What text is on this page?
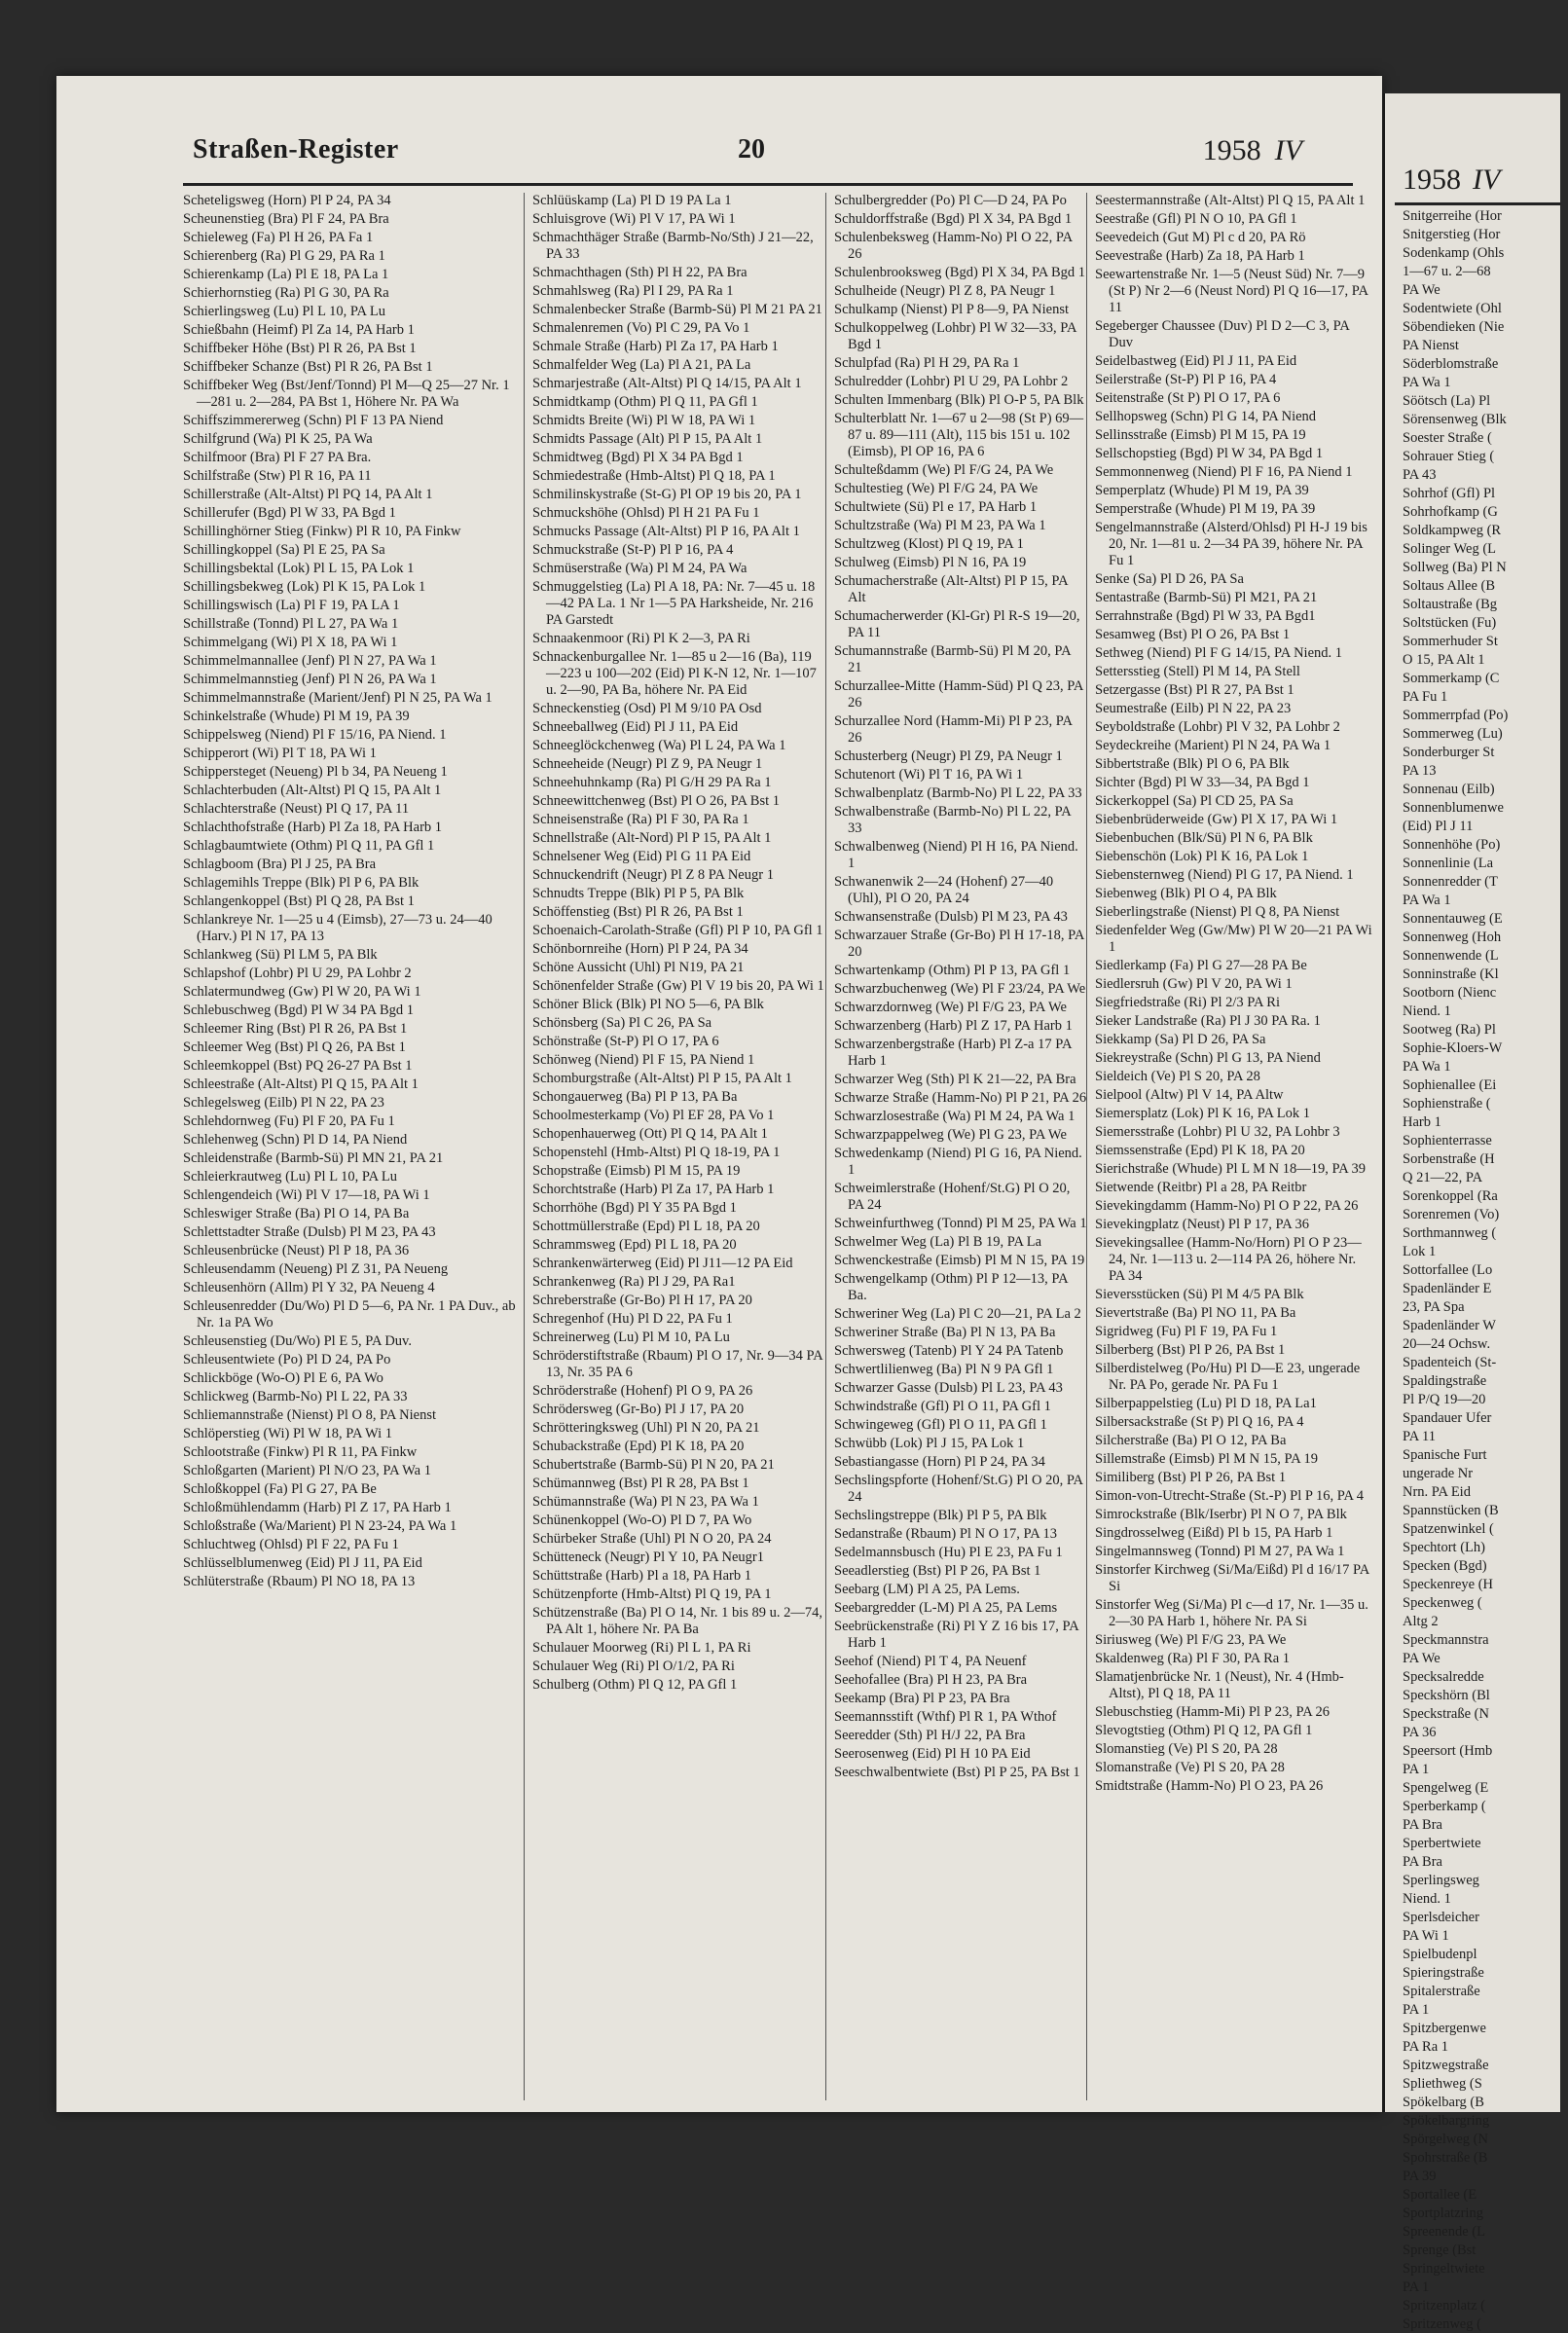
Straßen-Register	20	1958 IV
Scheteligsweg (Horn) Pl P 24, PA 34
Scheunenstieg (Bra) Pl F 24, PA Bra
Schieleweg (Fa) Pl H 26, PA Fa 1
Schierenberg (Ra) Pl G 29, PA Ra 1
Schierenkamp (La) Pl E 18, PA La 1
Schierhornstieg (Ra) Pl G 30, PA Ra
Schierlingsweg (Lu) Pl L 10, PA Lu
Schießbahn (Heimf) Pl Za 14, PA Harb 1
Schiffbeker Höhe (Bst) Pl R 26, PA Bst 1
Schiffbeker Schanze (Bst) Pl R 26, PA Bst 1
Schiffbeker Weg (Bst/Jenf/Tonnd) Pl M—Q 25—27 Nr. 1—281 u. 2—284, PA Bst 1, Höhere Nr. PA Wa
Schiffszimmererweg (Schn) Pl F 13 PA Niend
Schilfgrund (Wa) Pl K 25, PA Wa
Schilfmoor (Bra) Pl F 27 PA Bra.
Schilfstraße (Stw) Pl R 16, PA 11
Schillerstraße (Alt-Altst) Pl PQ 14, PA Alt 1
Schillerufer (Bgd) Pl W 33, PA Bgd 1
Schillinghörner Stieg (Finkw) Pl R 10, PA Finkw
Schillingkoppel (Sa) Pl E 25, PA Sa
Schillingsbektal (Lok) Pl L 15, PA Lok 1
Schillingsbekweg (Lok) Pl K 15, PA Lok 1
Schillingswisch (La) Pl F 19, PA LA 1
Schillstraße (Tonnd) Pl L 27, PA Wa 1
Schimmelgang (Wi) Pl X 18, PA Wi 1
Schimmelmannallee (Jenf) Pl N 27, PA Wa 1
Schimmelmannstieg (Jenf) Pl N 26, PA Wa 1
Schimmelmannstraße (Marient/Jenf) Pl N 25, PA Wa 1
Schinkelstraße (Whude) Pl M 19, PA 39
Schippelsweg (Niend) Pl F 15/16, PA Niend. 1
Schipperort (Wi) Pl T 18, PA Wi 1
Schippersteget (Neueng) Pl b 34, PA Neueng 1
Schlachterbuden (Alt-Altst) Pl Q 15, PA Alt 1
Schlachterstraße (Neust) Pl Q 17, PA 11
Schlachthofstraße (Harb) Pl Za 18, PA Harb 1
Schlagbaumtwiete (Othm) Pl Q 11, PA Gfl 1
Schlagboom (Bra) Pl J 25, PA Bra
Schlagemihls Treppe (Blk) Pl P 6, PA Blk
Schlangenkoppel (Bst) Pl Q 28, PA Bst 1
Schlankreye Nr. 1—25 u 4 (Eimsb), 27—73 u. 24—40 (Harv.) Pl N 17, PA 13
Schlankweg (Sü) Pl LM 5, PA Blk
Schlapshof (Lohbr) Pl U 29, PA Lohbr 2
Schlatermundweg (Gw) Pl W 20, PA Wi 1
Schlebuschweg (Bgd) Pl W 34 PA Bgd 1
Schleemer Ring (Bst) Pl R 26, PA Bst 1
Schleemer Weg (Bst) Pl Q 26, PA Bst 1
Schleemkoppel (Bst) PQ 26-27 PA Bst 1
Schleestraße (Alt-Altst) Pl Q 15, PA Alt 1
Schlegelsweg (Eilb) Pl N 22, PA 23
Schlehdornweg (Fu) Pl F 20, PA Fu 1
Schlehenweg (Schn) Pl D 14, PA Niend
Schleidenstraße (Barmb-Sü) Pl MN 21, PA 21
Schleierkrautweg (Lu) Pl L 10, PA Lu
Schlengendeich (Wi) Pl V 17—18, PA Wi 1
Schleswiger Straße (Ba) Pl O 14, PA Ba
Schlettstadter Straße (Dulsb) Pl M 23, PA 43
Schleusenbrücke (Neust) Pl P 18, PA 36
Schleusendamm (Neueng) Pl Z 31, PA Neueng
Schleusenhörn (Allm) Pl Y 32, PA Neueng 4
Schleusenredder (Du/Wo) Pl D 5—6, PA Nr. 1 PA Duv., ab Nr. 1a PA Wo
Schleusenstieg (Du/Wo) Pl E 5, PA Duv.
Schleusentwiete (Po) Pl D 24, PA Po
Schlickböge (Wo-O) Pl E 6, PA Wo
Schlickweg (Barmb-No) Pl L 22, PA 33
Schliemannstraße (Nienst) Pl O 8, PA Nienst
Schlöperstieg (Wi) Pl W 18, PA Wi 1
Schlootstraße (Finkw) Pl R 11, PA Finkw
Schloßgarten (Marient) Pl N/O 23, PA Wa 1
Schloßkoppel (Fa) Pl G 27, PA Be
Schloßmühlendamm (Harb) Pl Z 17, PA Harb 1
Schloßstraße (Wa/Marient) Pl N 23-24, PA Wa 1
Schluchtweg (Ohlsd) Pl F 22, PA Fu 1
Schlüsselblumenweg (Eid) Pl J 11, PA Eid
Schlüterstraße (Rbaum) Pl NO 18, PA 13
Schlüüskamp (La) Pl D 19 PA La 1
Schluisgrove (Wi) Pl V 17, PA Wi 1
Schmachthäger Straße (Barmb-No/Sth) J 21—22, PA 33
Schmachthagen (Sth) Pl H 22, PA Bra
Schmahlsweg (Ra) Pl I 29, PA Ra 1
Schmalenbecker Straße (Barmb-Sü) Pl M 21 PA 21
Schmalenremen (Vo) Pl C 29, PA Vo 1
Schmale Straße (Harb) Pl Za 17, PA Harb 1
Schmalfelder Weg (La) Pl A 21, PA La
Schmarjestraße (Alt-Altst) Pl Q 14/15, PA Alt 1
Schmidtkamp (Othm) Pl Q 11, PA Gfl 1
Schmidts Breite (Wi) Pl W 18, PA Wi 1
Schmidts Passage (Alt) Pl P 15, PA Alt 1
Schmidtweg (Bgd) Pl X 34 PA Bgd 1
Schmiedestraße (Hmb-Altst) Pl Q 18, PA 1
Schmilinskystraße (St-G) Pl OP 19 bis 20, PA 1
Schmuckshöhe (Ohlsd) Pl H 21 PA Fu 1
Schmucks Passage (Alt-Altst) Pl P 16, PA Alt 1
Schmuckstraße (St-P) Pl P 16, PA 4
Schmüserstraße (Wa) Pl M 24, PA Wa
Schmuggelstieg (La) Pl A 18, PA: Nr. 7—45 u. 18—42 PA La. 1 Nr 1—5 PA Harksheide, Nr. 216 PA Garstedt
Schnaakenmoor (Ri) Pl K 2—3, PA Ri
Schnackenburgallee Nr. 1—85 u 2—16 (Ba), 119—223 u 100—202 (Eid) Pl K-N 12, Nr. 1—107 u. 2—90, PA Ba, höhere Nr. PA Eid
Schneckenstieg (Osd) Pl M 9/10 PA Osd
Schneeballweg (Eid) Pl J 11, PA Eid
Schneeglöckchenweg (Wa) Pl L 24, PA Wa 1
Schneeheide (Neugr) Pl Z 9, PA Neugr 1
Schneehuhnkamp (Ra) Pl G/H 29 PA Ra 1
Schneewittchenweg (Bst) Pl O 26, PA Bst 1
Schneisenstraße (Ra) Pl F 30, PA Ra 1
Schnellstraße (Alt-Nord) Pl P 15, PA Alt 1
Schnelsener Weg (Eid) Pl G 11 PA Eid
Schnuckendrift (Neugr) Pl Z 8 PA Neugr 1
Schnudts Treppe (Blk) Pl P 5, PA Blk
Schöffenstieg (Bst) Pl R 26, PA Bst 1
Schoenaich-Carolath-Straße (Gfl) Pl P 10, PA Gfl 1
Schönbornreihe (Horn) Pl P 24, PA 34
Schöne Aussicht (Uhl) Pl N19, PA 21
Schönenfelder Straße (Gw) Pl V 19 bis 20, PA Wi 1
Schöner Blick (Blk) Pl NO 5—6, PA Blk
Schönsberg (Sa) Pl C 26, PA Sa
Schönstraße (St-P) Pl O 17, PA 6
Schönweg (Niend) Pl F 15, PA Niend 1
Schomburgstraße (Alt-Altst) Pl P 15, PA Alt 1
Schongauerweg (Ba) Pl P 13, PA Ba
Schoolmesterkamp (Vo) Pl EF 28, PA Vo 1
Schopenhauerweg (Ott) Pl Q 14, PA Alt 1
Schopenstehl (Hmb-Altst) Pl Q 18-19, PA 1
Schopstraße (Eimsb) Pl M 15, PA 19
Schorchtstraße (Harb) Pl Za 17, PA Harb 1
Schorrhöhe (Bgd) Pl Y 35 PA Bgd 1
Schottmüllerstraße (Epd) Pl L 18, PA 20
Schrammsweg (Epd) Pl L 18, PA 20
Schrankenwärterweg (Eid) Pl J11—12 PA Eid
Schrankenweg (Ra) Pl J 29, PA Ra1
Schreberstraße (Gr-Bo) Pl H 17, PA 20
Schregenhof (Hu) Pl D 22, PA Fu 1
Schreinerweg (Lu) Pl M 10, PA Lu
Schröderstiftstraße (Rbaum) Pl O 17, Nr. 9—34 PA 13, Nr. 35 PA 6
Schröderstraße (Hohenf) Pl O 9, PA 26
Schrödersweg (Gr-Bo) Pl J 17, PA 20
Schrötteringksweg (Uhl) Pl N 20, PA 21
Schubackstraße (Epd) Pl K 18, PA 20
Schubertstraße (Barmb-Sü) Pl N 20, PA 21
Schümannweg (Bst) Pl R 28, PA Bst 1
Schümannstraße (Wa) Pl N 23, PA Wa 1
Schünenkoppel (Wo-O) Pl D 7, PA Wo
Schürbeker Straße (Uhl) Pl N O 20, PA 24
Schütteneck (Neugr) Pl Y 10, PA Neugr1
Schüttstraße (Harb) Pl a 18, PA Harb 1
Schützenpforte (Hmb-Altst) Pl Q 19, PA 1
Schützenstraße (Ba) Pl O 14, Nr. 1 bis 89 u. 2—74, PA Alt 1, höhere Nr. PA Ba
Schulauer Moorweg (Ri) Pl L 1, PA Ri
Schulauer Weg (Ri) Pl O/1/2, PA Ri
Schulberg (Othm) Pl Q 12, PA Gfl 1
Schulbergredder (Po) Pl C—D 24, PA Po
Schuldorffstraße (Bgd) Pl X 34, PA Bgd 1
Schulenbeksweg (Hamm-No) Pl O 22, PA 26
Schulenbrooksweg (Bgd) Pl X 34, PA Bgd 1
Schulheide (Neugr) Pl Z 8, PA Neugr 1
Schulkamp (Nienst) Pl P 8—9, PA Nienst
Schulkoppelweg (Lohbr) Pl W 32—33, PA Bgd 1
Schulpfad (Ra) Pl H 29, PA Ra 1
Schulredder (Lohbr) Pl U 29, PA Lohbr 2
Schulten Immenbarg (Blk) Pl O-P 5, PA Blk
Schulterblatt Nr. 1—67 u 2—98 (St P) 69—87 u. 89—111 (Alt), 115 bis 151 u. 102 (Eimsb), Pl OP 16, PA 6
Schulteßdamm (We) Pl F/G 24, PA We
Schultestieg (We) Pl F/G 24, PA We
Schultwiete (Sü) Pl e 17, PA Harb 1
Schultzstraße (Wa) Pl M 23, PA Wa 1
Schultzweg (Klost) Pl Q 19, PA 1
Schulweg (Eimsb) Pl N 16, PA 19
Schumacherstraße (Alt-Altst) Pl P 15, PA Alt
Schumacherwerder (Kl-Gr) Pl R-S 19—20, PA 11
Schumannstraße (Barmb-Sü) Pl M 20, PA 21
Schurzallee-Mitte (Hamm-Süd) Pl Q 23, PA 26
Schurzallee Nord (Hamm-Mi) Pl P 23, PA 26
Schusterberg (Neugr) Pl Z9, PA Neugr 1
Schutenort (Wi) Pl T 16, PA Wi 1
Schwalbenplatz (Barmb-No) Pl L 22, PA 33
Schwalbenstraße (Barmb-No) Pl L 22, PA 33
Schwalbenweg (Niend) Pl H 16, PA Niend. 1
Schwanenwik 2—24 (Hohenf) 27—40 (Uhl), Pl O 20, PA 24
Schwansenstraße (Dulsb) Pl M 23, PA 43
Schwarzauer Straße (Gr-Bo) Pl H 17-18, PA 20
Schwartenkamp (Othm) Pl P 13, PA Gfl 1
Schwarzbuchenweg (We) Pl F 23/24, PA We
Schwarzdornweg (We) Pl F/G 23, PA We
Schwarzenberg (Harb) Pl Z 17, PA Harb 1
Schwarzenbergstraße (Harb) Pl Z-a 17 PA Harb 1
Schwarzer Weg (Sth) Pl K 21—22, PA Bra
Schwarze Straße (Hamm-No) Pl P 21, PA 26
Schwarzlosestraße (Wa) Pl M 24, PA Wa 1
Schwarzpappelweg (We) Pl G 23, PA We
Schwedenkamp (Niend) Pl G 16, PA Niend. 1
Schweimlerstraße (Hohenf/St.G) Pl O 20, PA 24
Schweinfurthweg (Tonnd) Pl M 25, PA Wa 1
Schwelmer Weg (La) Pl B 19, PA La
Schwenckestraße (Eimsb) Pl M N 15, PA 19
Schwengelkamp (Othm) Pl P 12—13, PA Ba.
Schweriner Weg (La) Pl C 20—21, PA La 2
Schweriner Straße (Ba) Pl N 13, PA Ba
Schwersweg (Tatenb) Pl Y 24 PA Tatenb
Schwertlilienweg (Ba) Pl N 9 PA Gfl 1
Schwarzer Gasse (Dulsb) Pl L 23, PA 43
Schwindstraße (Gfl) Pl O 11, PA Gfl 1
Schwingeweg (Gfl) Pl O 11, PA Gfl 1
Schwübb (Lok) Pl J 15, PA Lok 1
Sebastiangasse (Horn) Pl P 24, PA 34
Sechslingspforte (Hohenf/St.G) Pl O 20, PA 24
Sechslingstreppe (Blk) Pl P 5, PA Blk
Sedanstraße (Rbaum) Pl N O 17, PA 13
Sedelmannsbusch (Hu) Pl E 23, PA Fu 1
Seeadlerstieg (Bst) Pl P 26, PA Bst 1
Seebarg (LM) Pl A 25, PA Lems.
Seebargredder (L-M) Pl A 25, PA Lems
Seebrückenstraße (Ri) Pl Y Z 16 bis 17, PA Harb 1
Seehof (Niend) Pl T 4, PA Neuenf
Seehofallee (Bra) Pl H 23, PA Bra
Seekamp (Bra) Pl P 23, PA Bra
Seemannsstift (Wthf) Pl R 1, PA Wthof
Seeredder (Sth) Pl H/J 22, PA Bra
Seerosenweg (Eid) Pl H 10 PA Eid
Seeschwalbentwiete (Bst) Pl P 25, PA Bst 1
Seestermannstraße (Alt-Altst) Pl Q 15, PA Alt 1
Seestraße (Gfl) Pl N O 10, PA Gfl 1
Seevedeich (Gut M) Pl c d 20, PA Rö
Seevestraße (Harb) Za 18, PA Harb 1
Seewartenstraße Nr. 1—5 (Neust Süd) Nr. 7—9 (St P) Nr 2—6 (Neust Nord) Pl Q 16—17, PA 11
Segeberger Chaussee (Duv) Pl D 2—C 3, PA Duv
Seidelbastweg (Eid) Pl J 11, PA Eid
Seilerstraße (St-P) Pl P 16, PA 4
Seitenstraße (St P) Pl O 17, PA 6
Sellhopsweg (Schn) Pl G 14, PA Niend
Sellinsstraße (Eimsb) Pl M 15, PA 19
Sellschopstieg (Bgd) Pl W 34, PA Bgd 1
Semmonnenweg (Niend) Pl F 16, PA Niend 1
Semperplatz (Whude) Pl M 19, PA 39
Semperstraße (Whude) Pl M 19, PA 39
Sengelmannstraße (Alsterd/Ohlsd) Pl H-J 19 bis 20, Nr. 1—81 u. 2—34 PA 39, höhere Nr. PA Fu 1
Senke (Sa) Pl D 26, PA Sa
Sentastraße (Barmb-Sü) Pl M21, PA 21
Serrahnstraße (Bgd) Pl W 33, PA Bgd1
Sesamweg (Bst) Pl O 26, PA Bst 1
Sethweg (Niend) Pl F G 14/15, PA Niend. 1
Settersstieg (Stell) Pl M 14, PA Stell
Setzergasse (Bst) Pl R 27, PA Bst 1
Seumestraße (Eilb) Pl N 22, PA 23
Seyboldstraße (Lohbr) Pl V 32, PA Lohbr 2
Seydeckreihe (Marient) Pl N 24, PA Wa 1
Sibbertstraße (Blk) Pl O 6, PA Blk
Sichter (Bgd) Pl W 33—34, PA Bgd 1
Sickerkoppel (Sa) Pl CD 25, PA Sa
Siebenbrüderweide (Gw) Pl X 17, PA Wi 1
Siebenbuchen (Blk/Sü) Pl N 6, PA Blk
Siebenschön (Lok) Pl K 16, PA Lok 1
Siebensternweg (Niend) Pl G 17, PA Niend. 1
Siebenweg (Blk) Pl O 4, PA Blk
Sieberlingstraße (Nienst) Pl Q 8, PA Nienst
Siedenfelder Weg (Gw/Mw) Pl W 20—21 PA Wi 1
Siedlerkamp (Fa) Pl G 27—28 PA Be
Siedlersruh (Gw) Pl V 20, PA Wi 1
Siegfriedstraße (Ri) Pl 2/3 PA Ri
Sieker Landstraße (Ra) Pl J 30 PA Ra. 1
Siekkamp (Sa) Pl D 26, PA Sa
Siekreystraße (Schn) Pl G 13, PA Niend
Sieldeich (Ve) Pl S 20, PA 28
Sielpool (Altw) Pl V 14, PA Altw
Siemersplatz (Lok) Pl K 16, PA Lok 1
Siemersstraße (Lohbr) Pl U 32, PA Lohbr 3
Siemssenstraße (Epd) Pl K 18, PA 20
Sierichstraße (Whude) Pl L M N 18—19, PA 39
Sietwende (Reitbr) Pl a 28, PA Reitbr
Sievekingdamm (Hamm-No) Pl O P 22, PA 26
Sievekingplatz (Neust) Pl P 17, PA 36
Sievekingsallee (Hamm-No/Horn) Pl O P 23—24, Nr. 1—113 u. 2—114 PA 26, höhere Nr. PA 34
Sieversstücken (Sü) Pl M 4/5 PA Blk
Sievertstraße (Ba) Pl NO 11, PA Ba
Sigridweg (Fu) Pl F 19, PA Fu 1
Silberberg (Bst) Pl P 26, PA Bst 1
Silberdistelweg (Po/Hu) Pl D—E 23, ungerade Nr. PA Po, gerade Nr. PA Fu 1
Silberpappelstieg (Lu) Pl D 18, PA La1
Silbersackstraße (St P) Pl Q 16, PA 4
Silcherstraße (Ba) Pl O 12, PA Ba
Sillemstraße (Eimsb) Pl M N 15, PA 19
Similiberg (Bst) Pl P 26, PA Bst 1
Simon-von-Utrecht-Straße (St.-P) Pl P 16, PA 4
Simrockstraße (Blk/Iserbr) Pl N O 7, PA Blk
Singdrosselweg (Eißd) Pl b 15, PA Harb 1
Singelmannsweg (Tonnd) Pl M 27, PA Wa 1
Sinstorfer Kirchweg (Si/Ma/Eißd) Pl d 16/17 PA Si
Sinstorfer Weg (Si/Ma) Pl c—d 17, Nr. 1—35 u. 2—30 PA Harb 1, höhere Nr. PA Si
Siriusweg (We) Pl F/G 23, PA We
Skaldenweg (Ra) Pl F 30, PA Ra 1
Slamatjenbrücke Nr. 1 (Neust), Nr. 4 (Hmb-Altst), Pl Q 18, PA 11
Slebuschstieg (Hamm-Mi) Pl P 23, PA 26
Slevogtstieg (Othm) Pl Q 12, PA Gfl 1
Slomanstieg (Ve) Pl S 20, PA 28
Slomanstraße (Ve) Pl S 20, PA 28
Smidtstraße (Hamm-No) Pl O 23, PA 26
1958 IV
Snitgerreihe (Hor
Snitgerstieg (Hor
Sodenkamp (Ohls
1—67 u. 2—68
PA We
Sodentwiete (Ohl
Söbendieken (Nie
PA Nienst
Söderblomstraße
PA Wa 1
Söötsch (La) Pl
Sörensenweg (Blk
Soester Straße (
Sohrauer Stieg (
PA 43
Sohrhof (Gfl) Pl
Sohrhofkamp (G
Soldkampweg (R
Solinger Weg (L
Sollweg (Ba) Pl N
Soltaus Allee (B
Soltaustraße (Bg
Soltstücken (Fu)
Sommerhuder St
O 15, PA Alt 1
Sommerkamp (C
PA Fu 1
Sommerrpfad (Po)
Sommerweg (Lu)
Sonderburger St
PA 13
Sonnenau (Eilb)
Sonnenblumenwe
(Eid) Pl J 11
Sonnenhöhe (Po)
Sonnenlinie (La
Sonnenredder (T
PA Wa 1
Sonnentauweg (E
Sonnenweg (Hoh
Sonnenwende (L
Sonninstraße (Kl
Sootborn (Nienc
Niend. 1
Sootweg (Ra) Pl
Sophie-Kloers-W
PA Wa 1
Sophienallee (Ei
Sophienstraße (
Harb 1
Sophienterrasse
Sorbenstraße (H
Q 21—22, PA
Sorenkoppel (Ra
Sorenremen (Vo)
Sorthmannweg (
Lok 1
Sottorfallee (Lo
Spadenländer E
23, PA Spa
Spadenländer W
20—24 Ochsw.
Spadenteich (St-
Spaldingstraße
Pl P/Q 19—20
Spandauer Ufer
PA 11
Spanische Furt
ungerade Nr
Nrn. PA Eid
Spannstücken (B
Spatzenwinkel (
Spechtort (Lh)
Specken (Bgd)
Speckenreye (H
Speckenweg (
Altg 2
Speckmannstra
PA We
Specksalredde
Speckshörn (Bl
Speckstraße (N
PA 36
Speersort (Hmb
PA 1
Spengelweg (E
Sperberkamp (
PA Bra
Sperbertwiete
PA Bra
Sperlingsweg
Niend. 1
Sperlsdeicher
PA Wi 1
Spielbudenpl
Spieringstraße
Spitalerstraße
PA 1
Spitzbergenwe
PA Ra 1
Spitzwegstraße
Spliethweg (S
Spökelbarg (B
Spökelbargring
Spörgelweg (N
Spohrstraße (B
PA 39
Sportallee (E
Sportplatzring
Spreenende (L
Sprenge (Bst
Springeltwiete
PA 1
Spritzenplatz (
Spritzenweg (
